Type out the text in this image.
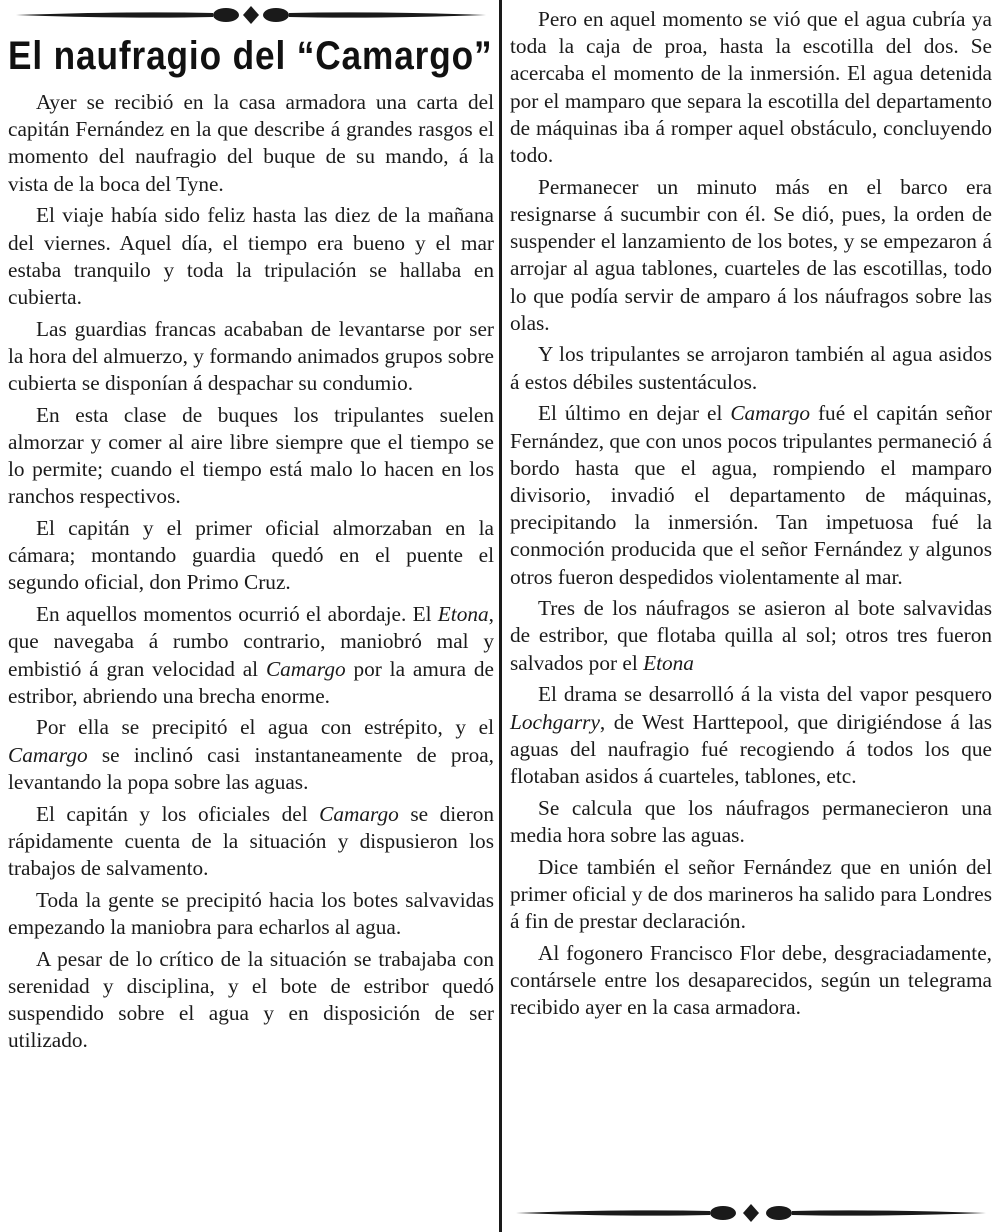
El naufragio del “Camargo”

Ayer se recibió en la casa armadora una carta del capitán Fernández en la que describe á grandes rasgos el momento del naufragio del buque de su mando, á la vista de la boca del Tyne.

El viaje había sido feliz hasta las diez de la mañana del viernes. Aquel día, el tiempo era bueno y el mar estaba tranquilo y toda la tripulación se hallaba en cubierta.

Las guardias francas acababan de levantarse por ser la hora del almuerzo, y formando animados grupos sobre cubierta se disponían á despachar su condumio.

En esta clase de buques los tripulantes suelen almorzar y comer al aire libre siempre que el tiempo se lo permite; cuando el tiempo está malo lo hacen en los ranchos respectivos.

El capitán y el primer oficial almorzaban en la cámara; montando guardia quedó en el puente el segundo oficial, don Primo Cruz.

En aquellos momentos ocurrió el abordaje. El Etona, que navegaba á rumbo contrario, maniobró mal y embistió á gran velocidad al Camargo por la amura de estribor, abriendo una brecha enorme.

Por ella se precipitó el agua con estrépito, y el Camargo se inclinó casi instantaneamente de proa, levantando la popa sobre las aguas.

El capitán y los oficiales del Camargo se dieron rápidamente cuenta de la situación y dispusieron los trabajos de salvamento.

Toda la gente se precipitó hacia los botes salvavidas empezando la maniobra para echarlos al agua.

A pesar de lo crítico de la situación se trabajaba con serenidad y disciplina, y el bote de estribor quedó suspendido sobre el agua y en disposición de ser utilizado.

Pero en aquel momento se vió que el agua cubría ya toda la caja de proa, hasta la escotilla del dos. Se acercaba el momento de la inmersión. El agua detenida por el mamparo que separa la escotilla del departamento de máquinas iba á romper aquel obstáculo, concluyendo todo.

Permanecer un minuto más en el barco era resignarse á sucumbir con él. Se dió, pues, la orden de suspender el lanzamiento de los botes, y se empezaron á arrojar al agua tablones, cuarteles de las escotillas, todo lo que podía servir de amparo á los náufragos sobre las olas.

Y los tripulantes se arrojaron también al agua asidos á estos débiles sustentáculos.

El último en dejar el Camargo fué el capitán señor Fernández, que con unos pocos tripulantes permaneció á bordo hasta que el agua, rompiendo el mamparo divisorio, invadió el departamento de máquinas, precipitando la inmersión. Tan impetuosa fué la conmoción producida que el señor Fernández y algunos otros fueron despedidos violentamente al mar.

Tres de los náufragos se asieron al bote salvavidas de estribor, que flotaba quilla al sol; otros tres fueron salvados por el Etona

El drama se desarrolló á la vista del vapor pesquero Lochgarry, de West Harttepool, que dirigiéndose á las aguas del naufragio fué recogiendo á todos los que flotaban asidos á cuarteles, tablones, etc.

Se calcula que los náufragos permanecieron una media hora sobre las aguas.

Dice también el señor Fernández que en unión del primer oficial y de dos marineros ha salido para Londres á fin de prestar declaración.

Al fogonero Francisco Flor debe, desgraciadamente, contársele entre los desaparecidos, según un telegrama recibido ayer en la casa armadora.
